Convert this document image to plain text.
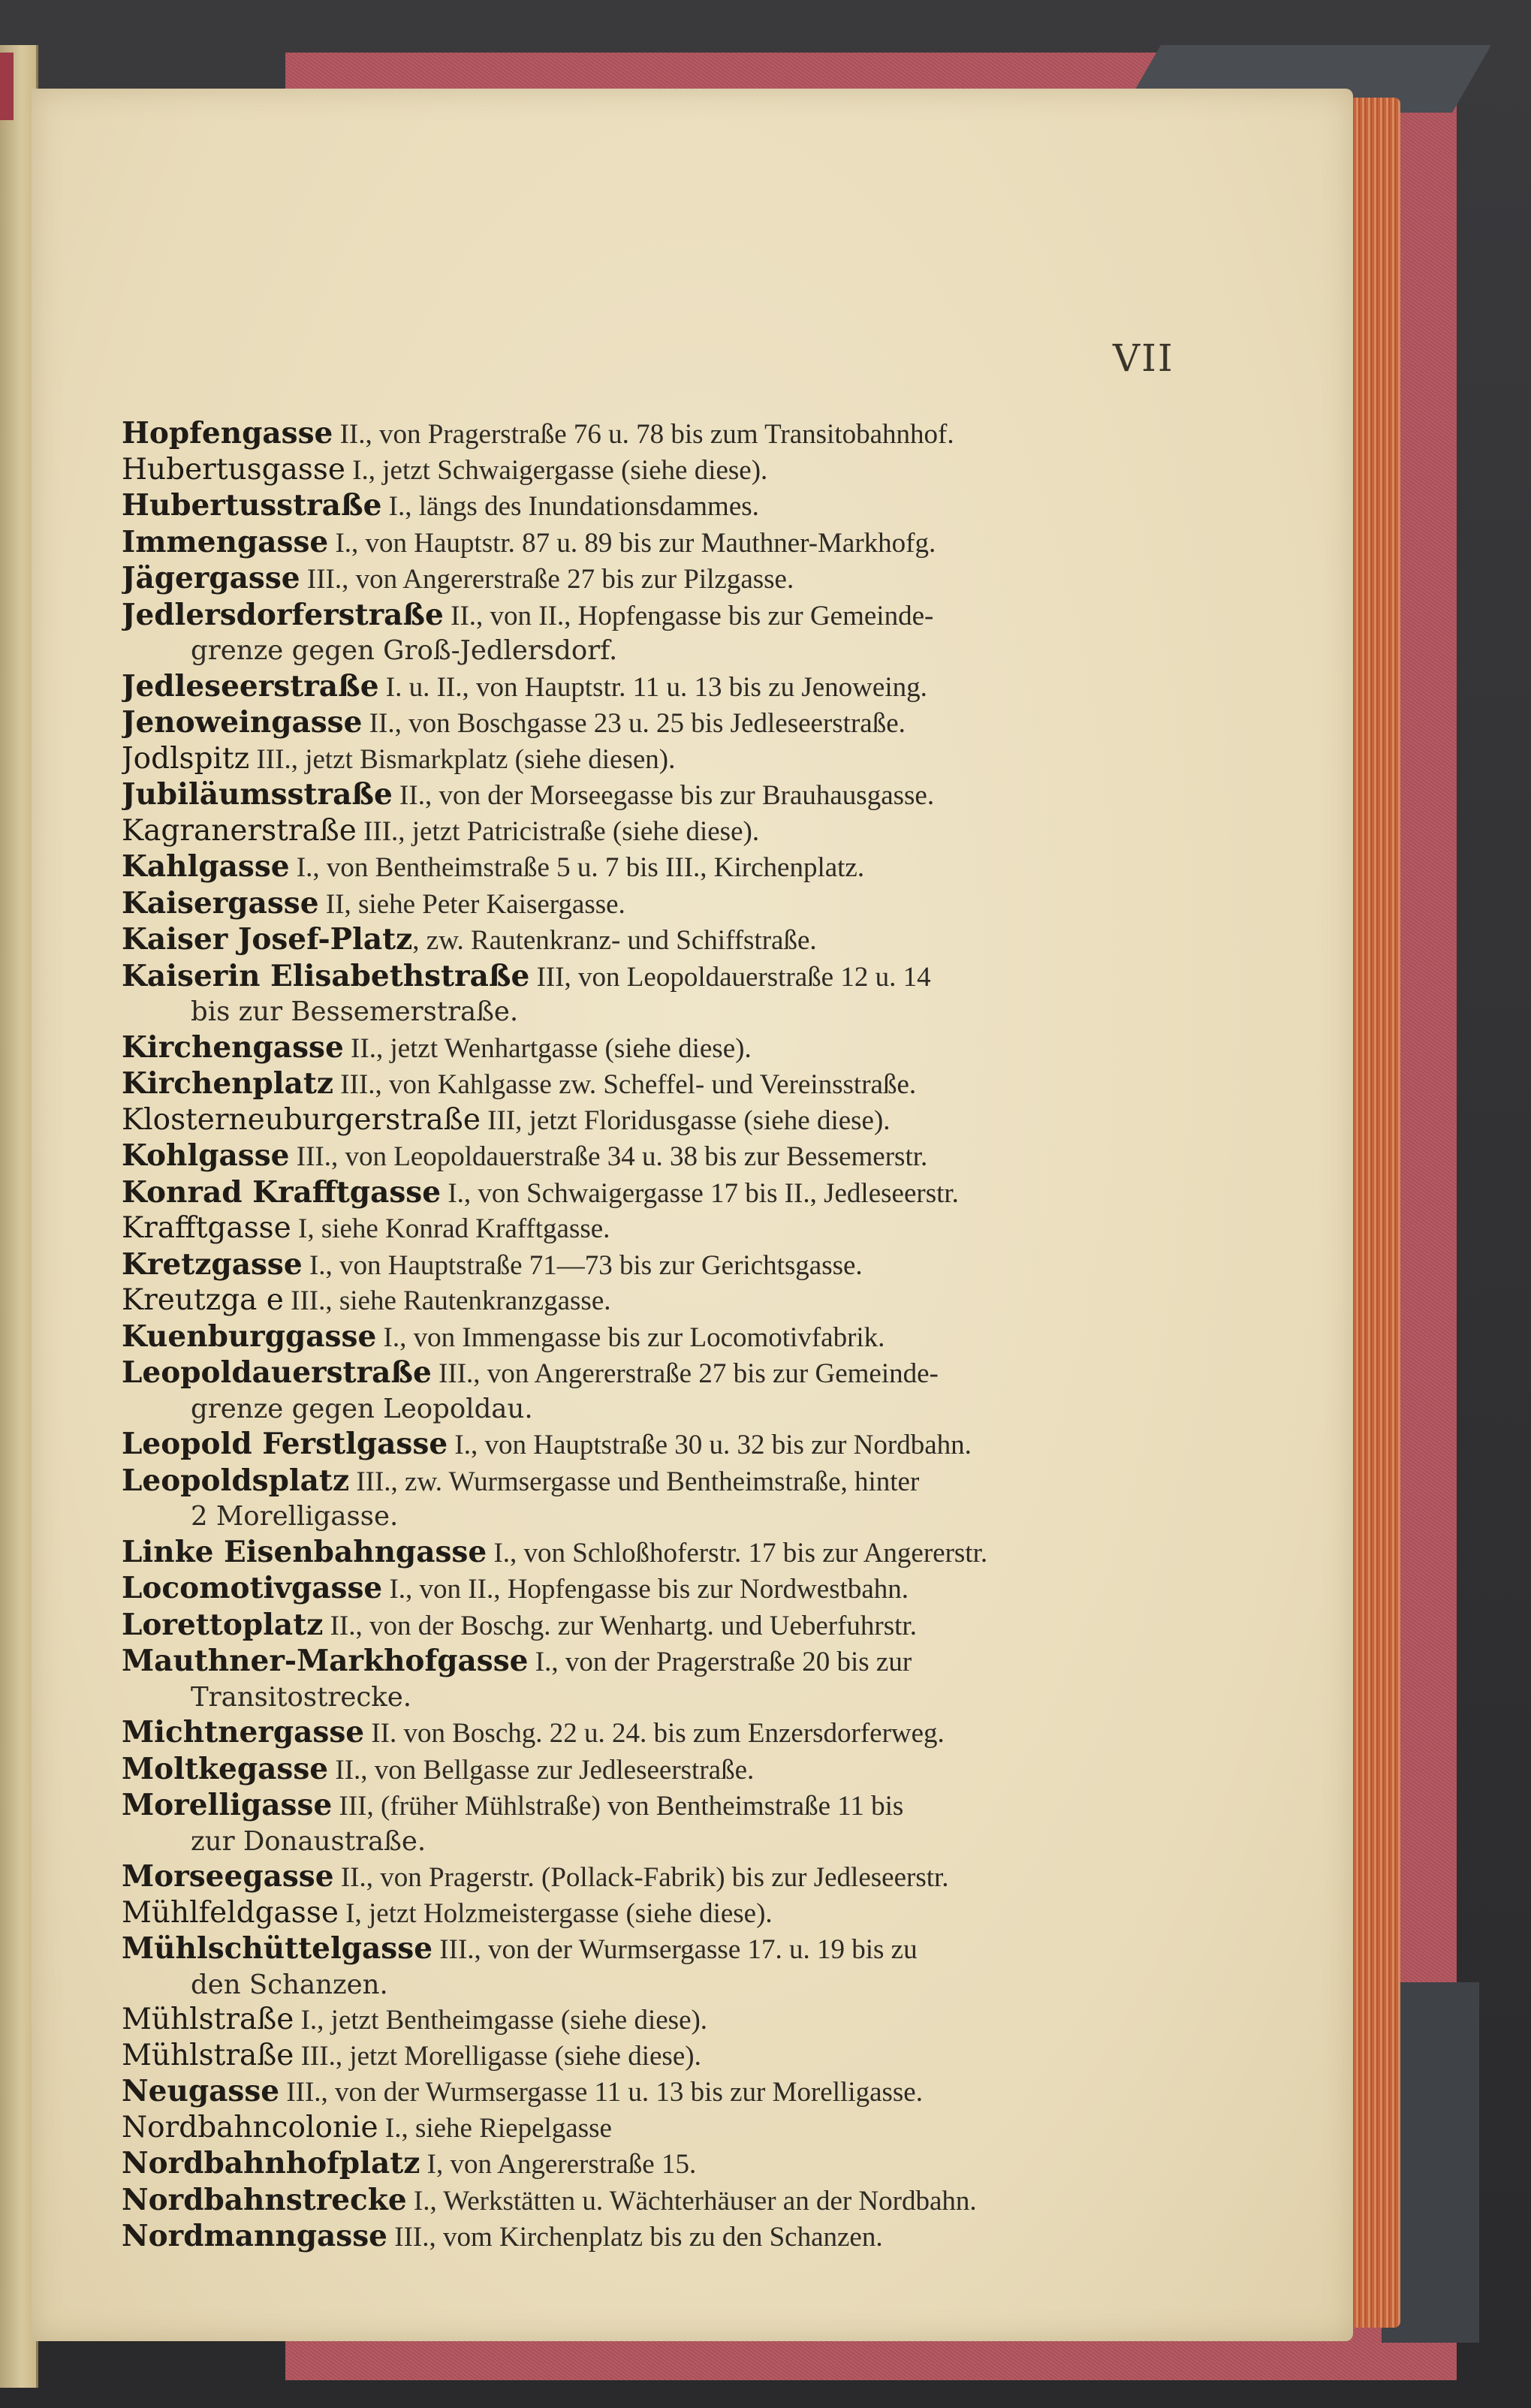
VII
Hopfengasse II., von Pragerstraße 76 u. 78 bis zum Transitobahnhof.
Hubertusgasse I., jetzt Schwaigergasse (siehe diese).
Hubertusstraße I., längs des Inundationsdammes.
Immengasse I., von Hauptstr. 87 u. 89 bis zur Mauthner-Markhofg.
Jägergasse III., von Angererstraße 27 bis zur Pilzgasse.
Jedlersdorferstraße II., von II., Hopfengasse bis zur Gemeinde-
grenze gegen Groß-Jedlersdorf.
Jedleseerstraße I. u. II., von Hauptstr. 11 u. 13 bis zu Jenoweing.
Jenoweingasse II., von Boschgasse 23 u. 25 bis Jedleseerstraße.
Jodlspitz III., jetzt Bismarkplatz (siehe diesen).
Jubiläumsstraße II., von der Morseegasse bis zur Brauhausgasse.
Kagranerstraße III., jetzt Patricistraße (siehe diese).
Kahlgasse I., von Bentheimstraße 5 u. 7 bis III., Kirchenplatz.
Kaisergasse II, siehe Peter Kaisergasse.
Kaiser Josef-Platz, zw. Rautenkranz- und Schiffstraße.
Kaiserin Elisabethstraße III, von Leopoldauerstraße 12 u. 14
bis zur Bessemerstraße.
Kirchengasse II., jetzt Wenhartgasse (siehe diese).
Kirchenplatz III., von Kahlgasse zw. Scheffel- und Vereinsstraße.
Klosterneuburgerstraße III, jetzt Floridusgasse (siehe diese).
Kohlgasse III., von Leopoldauerstraße 34 u. 38 bis zur Bessemerstr.
Konrad Krafftgasse I., von Schwaigergasse 17 bis II., Jedleseerstr.
Krafftgasse I, siehe Konrad Krafftgasse.
Kretzgasse I., von Hauptstraße 71—73 bis zur Gerichtsgasse.
Kreutzga e III., siehe Rautenkranzgasse.
Kuenburggasse I., von Immengasse bis zur Locomotivfabrik.
Leopoldauerstraße III., von Angererstraße 27 bis zur Gemeinde-
grenze gegen Leopoldau.
Leopold Ferstlgasse I., von Hauptstraße 30 u. 32 bis zur Nordbahn.
Leopoldsplatz III., zw. Wurmsergasse und Bentheimstraße, hinter
2 Morelligasse.
Linke Eisenbahngasse I., von Schloßhoferstr. 17 bis zur Angererstr.
Locomotivgasse I., von II., Hopfengasse bis zur Nordwestbahn.
Lorettoplatz II., von der Boschg. zur Wenhartg. und Ueberfuhrstr.
Mauthner-Markhofgasse I., von der Pragerstraße 20 bis zur
Transitostrecke.
Michtnergasse II. von Boschg. 22 u. 24. bis zum Enzersdorferweg.
Moltkegasse II., von Bellgasse zur Jedleseerstraße.
Morelligasse III, (früher Mühlstraße) von Bentheimstraße 11 bis
zur Donaustraße.
Morseegasse II., von Pragerstr. (Pollack-Fabrik) bis zur Jedleseerstr.
Mühlfeldgasse I, jetzt Holzmeistergasse (siehe diese).
Mühlschüttelgasse III., von der Wurmsergasse 17. u. 19 bis zu
den Schanzen.
Mühlstraße I., jetzt Bentheimgasse (siehe diese).
Mühlstraße III., jetzt Morelligasse (siehe diese).
Neugasse III., von der Wurmsergasse 11 u. 13 bis zur Morelligasse.
Nordbahncolonie I., siehe Riepelgasse
Nordbahnhofplatz I, von Angererstraße 15.
Nordbahnstrecke I., Werkstätten u. Wächterhäuser an der Nordbahn.
Nordmanngasse III., vom Kirchenplatz bis zu den Schanzen.
